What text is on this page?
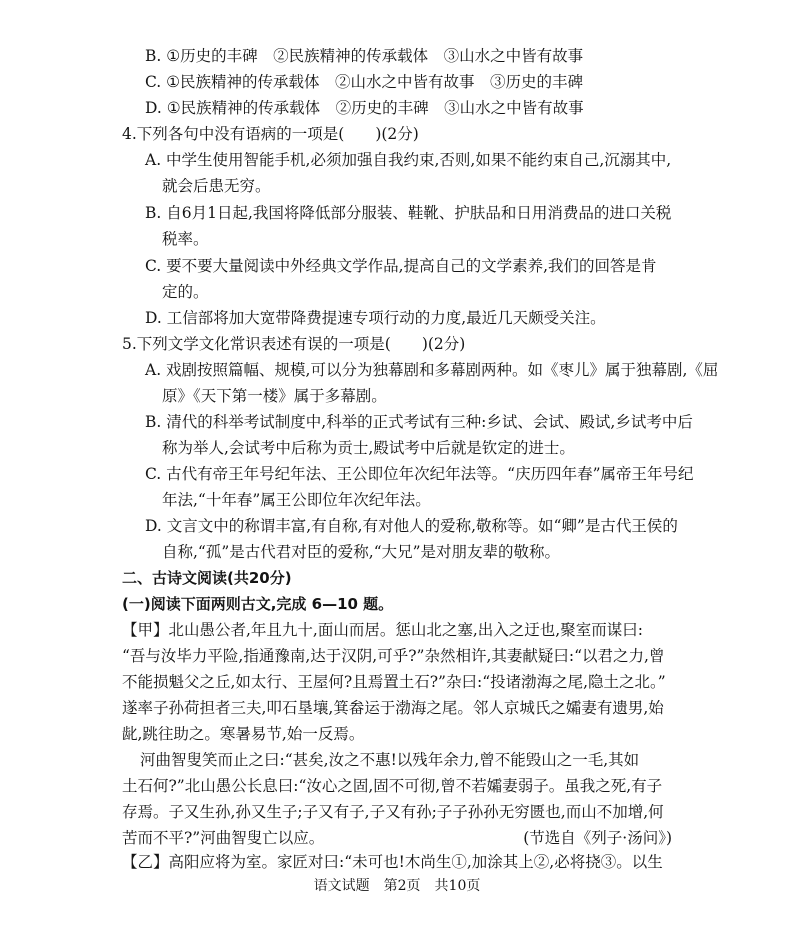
B. ①历史的丰碑　②民族精神的传承载体　③山水之中皆有故事
C. ①民族精神的传承载体　②山水之中皆有故事　③历史的丰碑
D. ①民族精神的传承载体　②历史的丰碑　③山水之中皆有故事
4.下列各句中没有语病的一项是(　　)(2分)
A. 中学生使用智能手机,必须加强自我约束,否则,如果不能约束自己,沉溺其中,
就会后患无穷。
B. 自6月1日起,我国将降低部分服装、鞋靴、护肤品和日用消费品的进口关税
税率。
C. 要不要大量阅读中外经典文学作品,提高自己的文学素养,我们的回答是肯
定的。
D. 工信部将加大宽带降费提速专项行动的力度,最近几天颇受关注。
5.下列文学文化常识表述有误的一项是(　　)(2分)
A. 戏剧按照篇幅、规模,可以分为独幕剧和多幕剧两种。如《枣儿》属于独幕剧,《屈
原》《天下第一楼》属于多幕剧。
B. 清代的科举考试制度中,科举的正式考试有三种:乡试、会试、殿试,乡试考中后
称为举人,会试考中后称为贡士,殿试考中后就是钦定的进士。
C. 古代有帝王年号纪年法、王公即位年次纪年法等。“庆历四年春”属帝王年号纪
年法,“十年春”属王公即位年次纪年法。
D. 文言文中的称谓丰富,有自称,有对他人的爱称,敬称等。如“卿”是古代王侯的
自称,“孤”是古代君对臣的爱称,“大兄”是对朋友辈的敬称。
二、古诗文阅读(共20分)
(一)阅读下面两则古文,完成 6—10 题。
【甲】北山愚公者,年且九十,面山而居。惩山北之塞,出入之迂也,聚室而谋曰:
“吾与汝毕力平险,指通豫南,达于汉阴,可乎?”杂然相许,其妻献疑曰:“以君之力,曾
不能损魁父之丘,如太行、王屋何?且焉置土石?”杂曰:“投诸渤海之尾,隐土之北。”
遂率子孙荷担者三夫,叩石垦壤,箕畚运于渤海之尾。邻人京城氏之孀妻有遗男,始
龀,跳往助之。寒暑易节,始一反焉。
河曲智叟笑而止之曰:“甚矣,汝之不惠!以残年余力,曾不能毁山之一毛,其如
土石何?”北山愚公长息曰:“汝心之固,固不可彻,曾不若孀妻弱子。虽我之死,有子
存焉。子又生孙,孙又生子;子又有子,子又有孙;子子孙孙无穷匮也,而山不加增,何
苦而不平?”河曲智叟亡以应。	(节选自《列子·汤问》)
【乙】高阳应将为室。家匠对曰:“未可也!木尚生①,加涂其上②,必将挠③。以生
语文试题　第2页　共10页
